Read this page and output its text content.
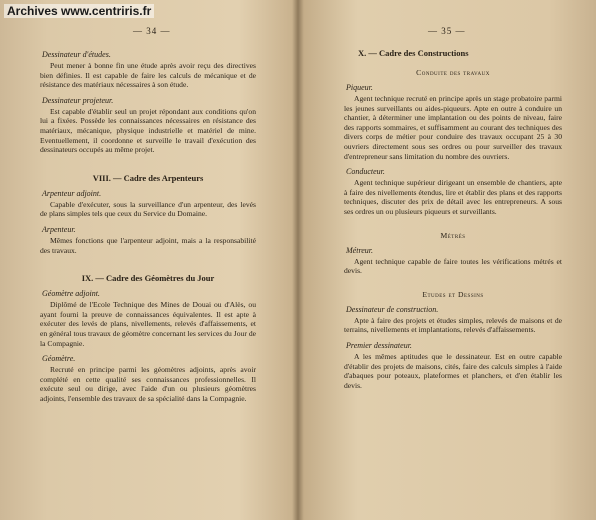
Archives www.centriris.fr
— 34 —
Dessinateur d'études.

Peut mener à bonne fin une étude après avoir reçu des directives bien définies. Il est capable de faire les calculs de mécanique et de résistance des matériaux nécessaires à son étude.

Dessinateur projeteur.

Est capable d'établir seul un projet répondant aux conditions qu'on lui a fixées. Possède les connaissances nécessaires en résistance des matériaux, mécanique, physique industrielle et matériel de mine. Eventuellement, il coordonne et surveille le travail d'exécution des dessinateurs occupés au même projet.

VIII. — Cadre des Arpenteurs
Arpenteur adjoint.

Capable d'exécuter, sous la surveillance d'un arpenteur, des levés de plans simples tels que ceux du Service du Domaine.

Arpenteur.

Mêmes fonctions que l'arpenteur adjoint, mais a la responsabilité des travaux.

IX. — Cadre des Géomètres du Jour
Géomètre adjoint.

Diplômé de l'Ecole Technique des Mines de Douai ou d'Alès, ou ayant fourni la preuve de connaissances équivalentes. Il est apte à exécuter des levés de plans, nivellements, relevés d'affaissements, et en général tous travaux de géomètre concernant les services du Jour de la Compagnie.

Géomètre.

Recruté en principe parmi les géomètres adjoints, après avoir complété en cette qualité ses connaissances professionnelles. Il exécute seul ou dirige, avec l'aide d'un ou plusieurs géomètres adjoints, l'ensemble des travaux de sa spécialité dans la Compagnie.

— 35 —
X. — Cadre des Constructions
Conduite des travaux
Piqueur.

Agent technique recruté en principe après un stage probatoire parmi les jeunes surveillants ou aides-piqueurs. Apte en outre à conduire un chantier, à déterminer une implantation ou des points de niveau, faire des rapports sommaires, et suffisamment au courant des techniques des divers corps de métier pour conduire des travaux occupant 25 à 30 ouvriers directement sous ses ordres ou pour surveiller des travaux d'entrepreneur sans limitation du nombre des ouvriers.

Conducteur.

Agent technique supérieur dirigeant un ensemble de chantiers, apte à faire des nivellements étendus, lire et établir des plans et des rapports techniques, discuter des prix de détail avec les entrepreneurs. A sous ses ordres un ou plusieurs piqueurs et surveillants.

Métrés
Métreur.

Agent technique capable de faire toutes les vérifications métrés et devis.

Etudes et Dessins
Dessinateur de construction.

Apte à faire des projets et études simples, relevés de maisons et de terrains, nivellements et implantations, relevés d'affaissements.

Premier dessinateur.

A les mêmes aptitudes que le dessinateur. Est en outre capable d'établir des projets de maisons, cités, faire des calculs simples à l'aide d'abaques pour poteaux, plateformes et planchers, et d'en établir les devis.
